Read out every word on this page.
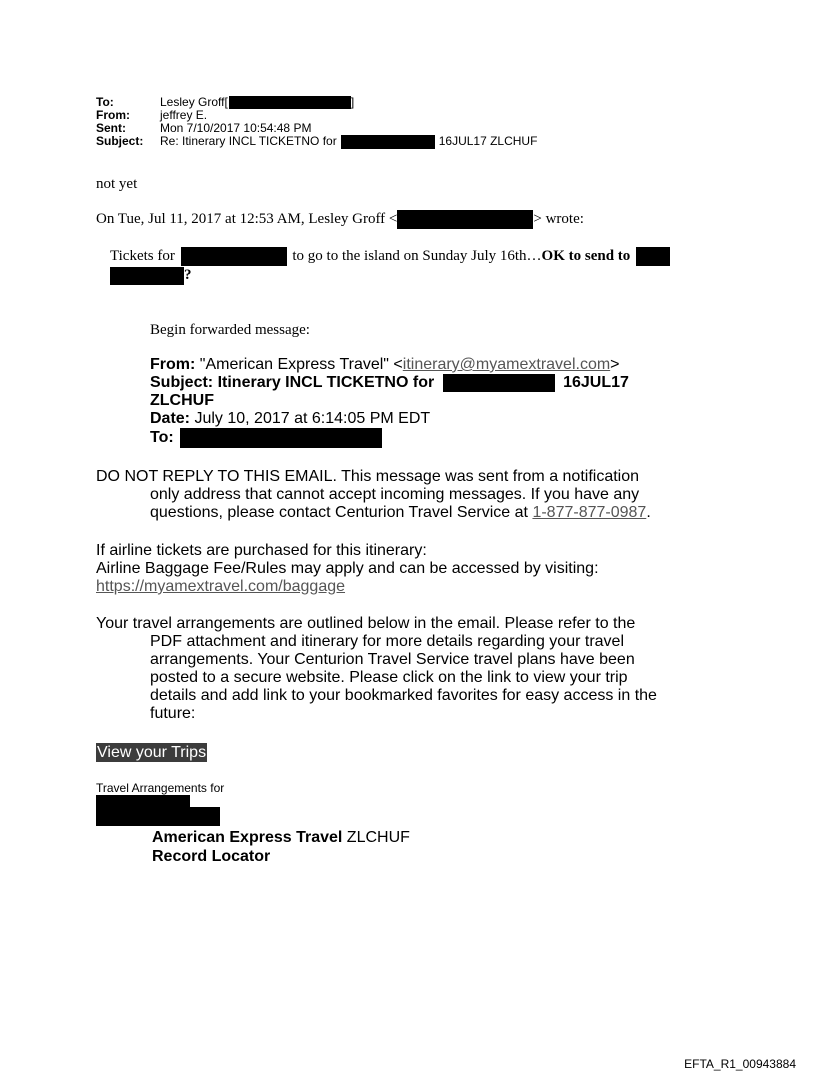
To:	Lesley Groff[	]
From:	jeffrey E.
Sent:	Mon 7/10/2017 10:54:48 PM
Subject:	Re: Itinerary INCL TICKETNO for	16JUL17 ZLCHUF
not yet
On Tue, Jul 11, 2017 at 12:53 AM, Lesley Groff <	> wrote:
Tickets for	to go to the island on Sunday July 16th…OK to send to
?
Begin forwarded message:
From: "American Express Travel" <itinerary@myamextravel.com>
Subject: Itinerary INCL TICKETNO for	16JUL17
ZLCHUF
Date: July 10, 2017 at 6:14:05 PM EDT
To:
DO NOT REPLY TO THIS EMAIL. This message was sent from a notification
only address that cannot accept incoming messages. If you have any
questions, please contact Centurion Travel Service at 1-877-877-0987.
If airline tickets are purchased for this itinerary:
Airline Baggage Fee/Rules may apply and can be accessed by visiting:
https://myamextravel.com/baggage
Your travel arrangements are outlined below in the email. Please refer to the
PDF attachment and itinerary for more details regarding your travel
arrangements. Your Centurion Travel Service travel plans have been
posted to a secure website. Please click on the link to view your trip
details and add link to your bookmarked favorites for easy access in the
future:
View your Trips
Travel Arrangements for
American Express Travel ZLCHUF
Record Locator
EFTA_R1_00943884
